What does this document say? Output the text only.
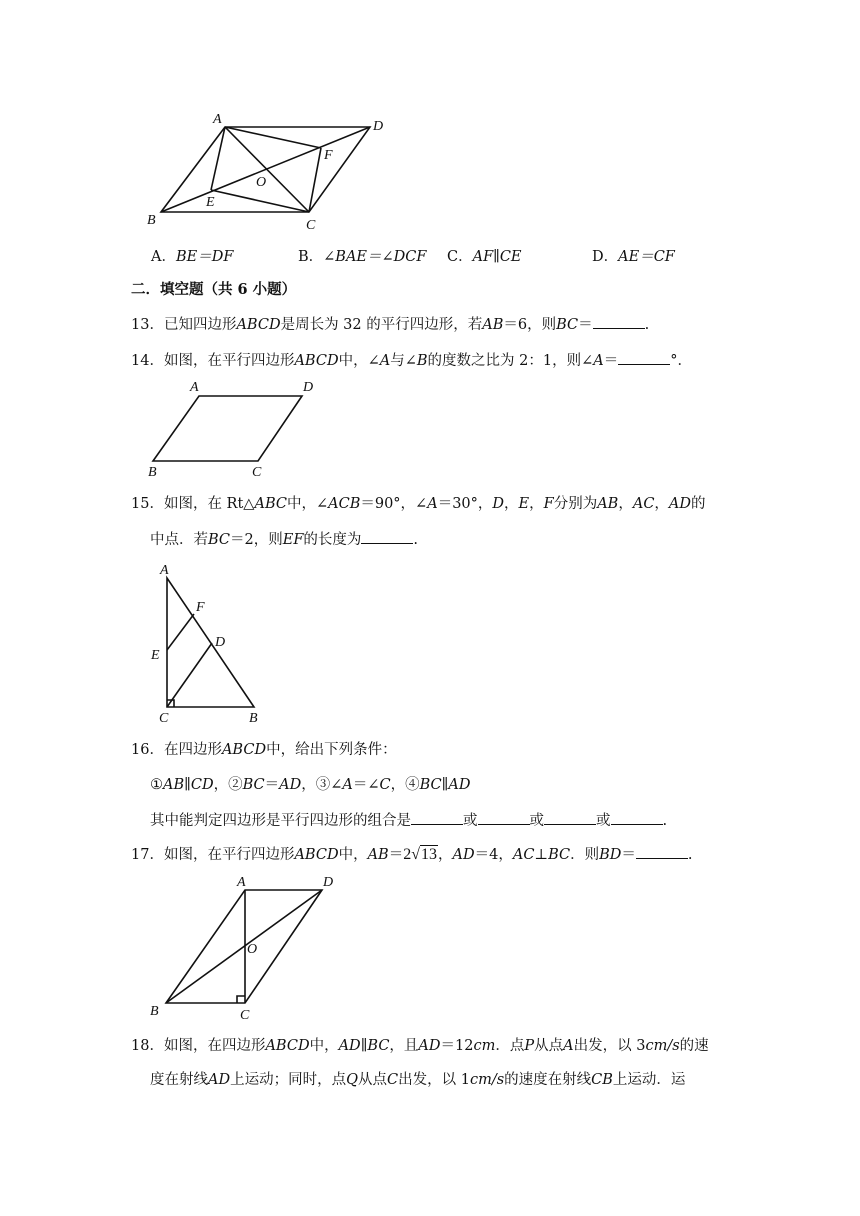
A	D
B	C
E
F
O
A	D
B	C
A
F
D
E
C	B
A	D
B	C
O
A．BE＝DF	B．∠BAE＝∠DCF C．AF∥CE	D．AE＝CF
二．填空题（共 6 小题）
13．已知四边形ABCD是周长为 32 的平行四边形，若AB＝6，则BC＝	.
14．如图，在平行四边形ABCD中，∠A与∠B的度数之比为 2：1，则∠A＝	°．
15．如图，在 Rt△ABC中，∠ACB＝90°，∠A＝30°，D，E，F分别为AB，AC，AD的
中点．若BC＝2，则EF的长度为	.
16．在四边形ABCD中，给出下列条件：
①AB∥CD，②BC＝AD，③∠A＝∠C，④BC∥AD
其中能判定四边形是平行四边形的组合是	或	或	或	.
17．如图，在平行四边形ABCD中，AB＝2√13，AD＝4，AC⊥BC．则BD＝	.
18．如图，在四边形ABCD中，AD∥BC，且AD＝12cm．点P从点A出发，以 3cm/s的速
度在射线AD上运动；同时，点Q从点C出发，以 1cm/s的速度在射线CB上运动．运
